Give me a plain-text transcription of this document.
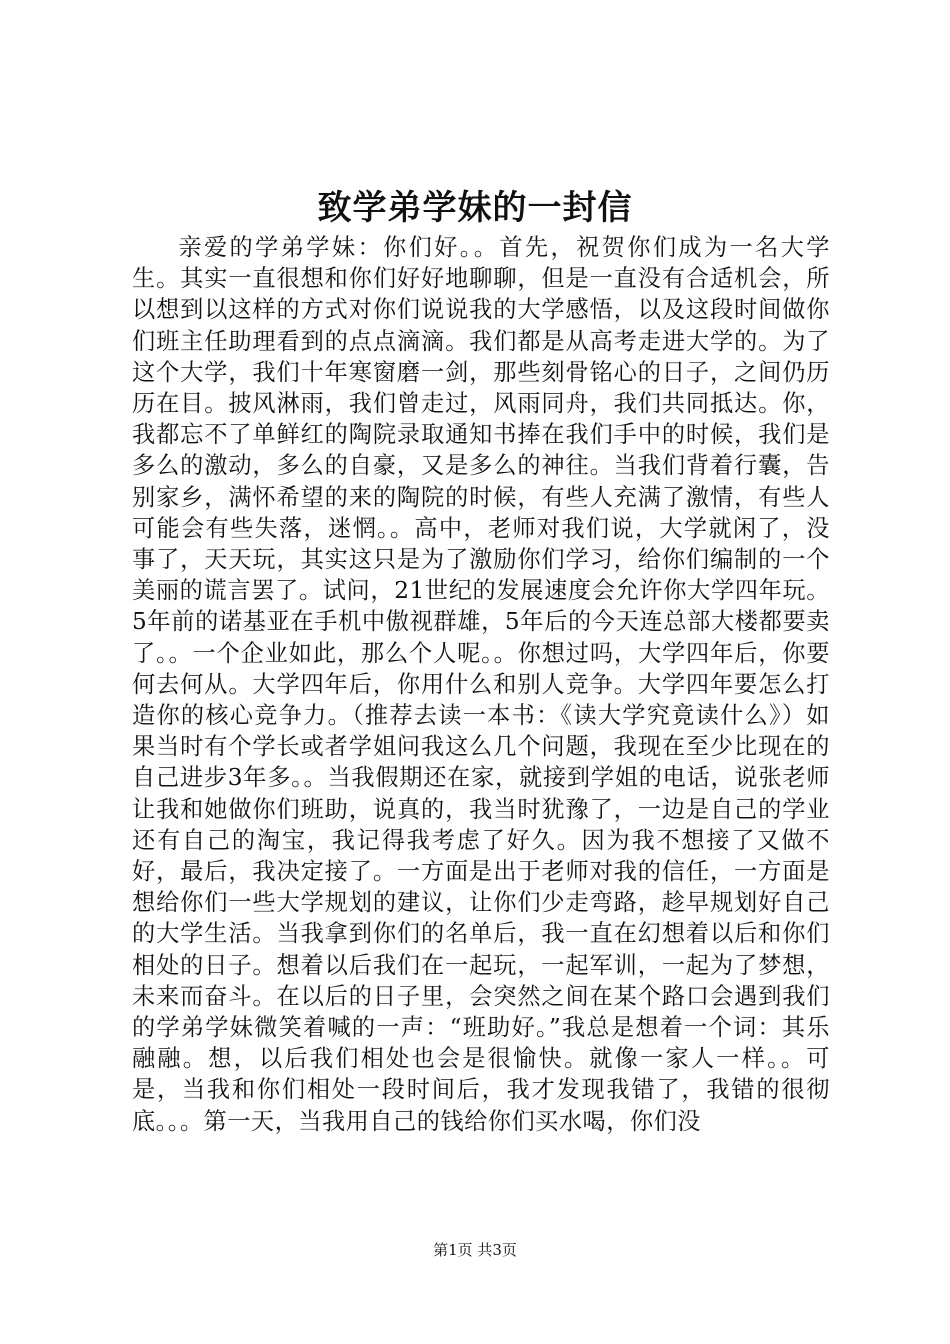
致学弟学妹的一封信

亲爱的学弟学妹：你们好。。首先，祝贺你们成为一名大学生。其实一直很想和你们好好地聊聊，但是一直没有合适机会，所以想到以这样的方式对你们说说我的大学感悟，以及这段时间做你们班主任助理看到的点点滴滴。我们都是从高考走进大学的。为了这个大学，我们十年寒窗磨一剑，那些刻骨铭心的日子，之间仍历历在目。披风淋雨，我们曾走过，风雨同舟，我们共同抵达。你，我都忘不了单鲜红的陶院录取通知书捧在我们手中的时候，我们是多么的激动，多么的自豪，又是多么的神往。当我们背着行囊，告别家乡，满怀希望的来的陶院的时候，有些人充满了激情，有些人可能会有些失落，迷惘。。高中，老师对我们说，大学就闲了，没事了，天天玩，其实这只是为了激励你们学习，给你们编制的一个美丽的谎言罢了。试问，21世纪的发展速度会允许你大学四年玩。5年前的诺基亚在手机中傲视群雄，5年后的今天连总部大楼都要卖了。。一个企业如此，那么个人呢。。你想过吗，大学四年后，你要何去何从。大学四年后，你用什么和别人竞争。大学四年要怎么打造你的核心竞争力。（推荐去读一本书：《读大学究竟读什么》）如果当时有个学长或者学姐问我这么几个问题，我现在至少比现在的自己进步3年多。。当我假期还在家，就接到学姐的电话，说张老师让我和她做你们班助，说真的，我当时犹豫了，一边是自己的学业还有自己的淘宝，我记得我考虑了好久。因为我不想接了又做不好，最后，我决定接了。一方面是出于老师对我的信任，一方面是想给你们一些大学规划的建议，让你们少走弯路，趁早规划好自己的大学生活。当我拿到你们的名单后，我一直在幻想着以后和你们相处的日子。想着以后我们在一起玩，一起军训，一起为了梦想，未来而奋斗。在以后的日子里，会突然之间在某个路口会遇到我们的学弟学妹微笑着喊的一声：“班助好。”我总是想着一个词：其乐融融。想，以后我们相处也会是很愉快。就像一家人一样。。可是，当我和你们相处一段时间后，我才发现我错了，我错的很彻底。。。第一天，当我用自己的钱给你们买水喝，你们没

第1页 共3页
